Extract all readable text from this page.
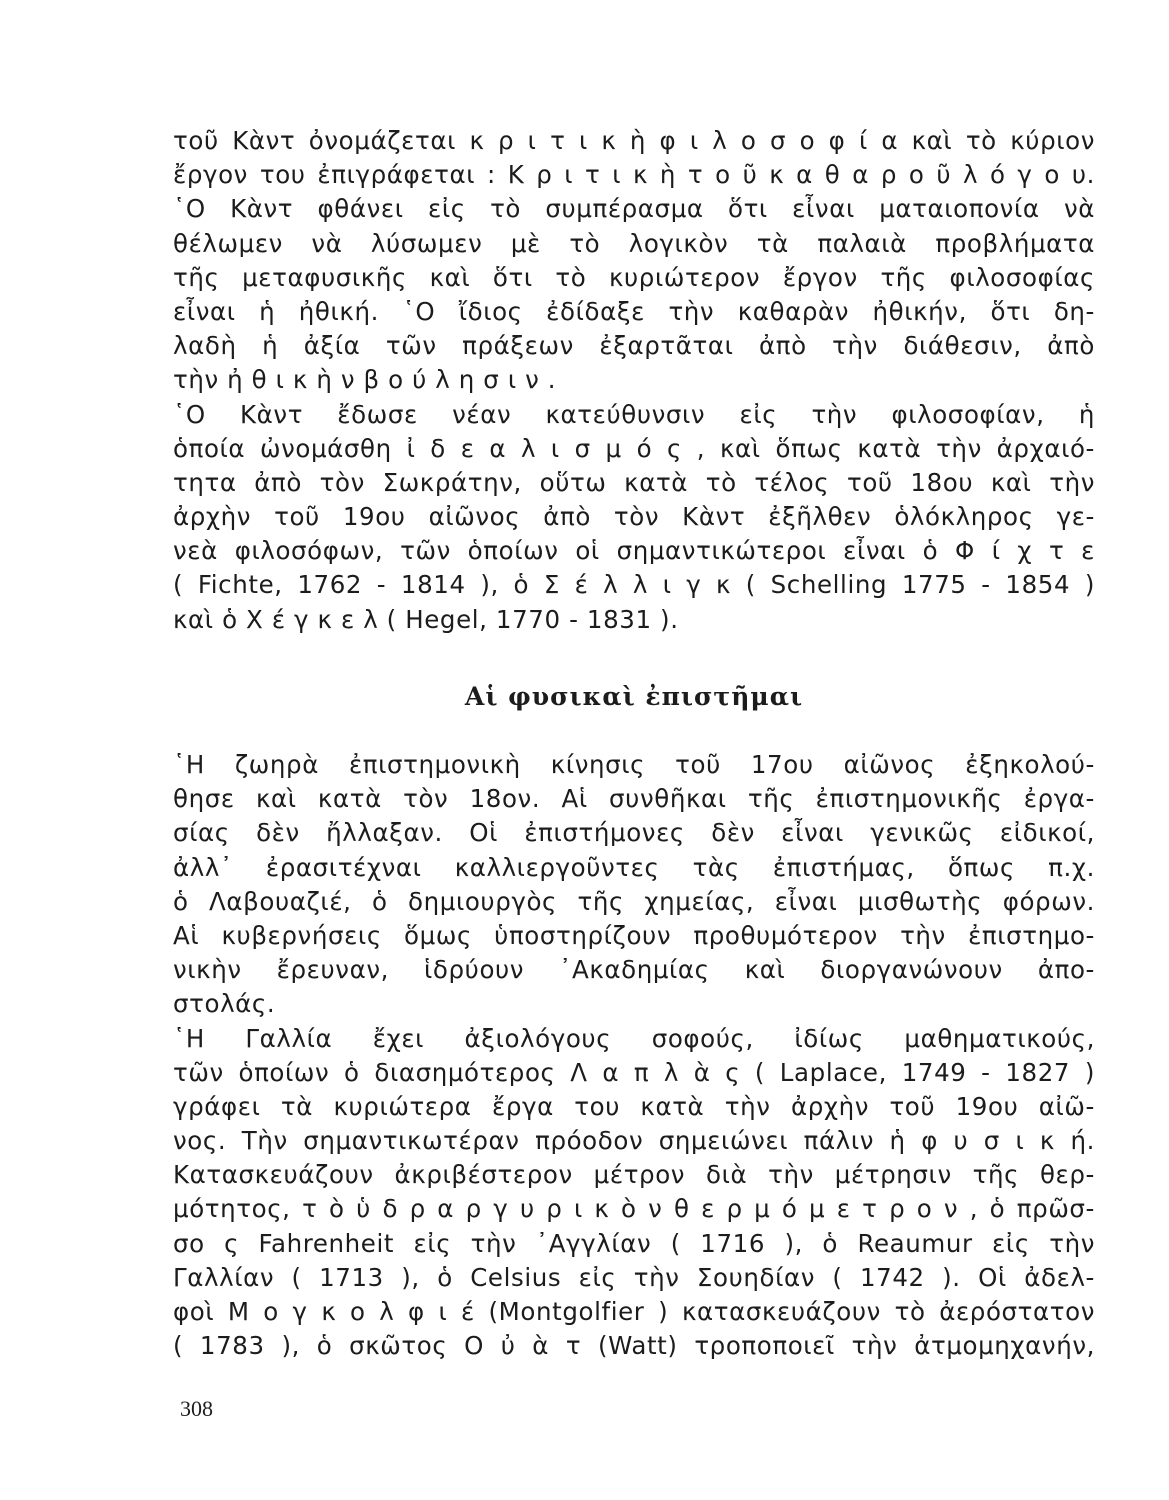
τοῦ Κὰντ ὀνομάζεται κ ρ ι τ ι κ ὴ φ ι λ ο σ ο φ ί α καὶ τὸ κύριον
ἔργον του ἐπιγράφεται : Κ ρ ι τ ι κ ὴ τ ο ῦ κ α θ α ρ ο ῦ λ ό γ ο υ.
῾Ο Κὰντ φθάνει εἰς τὸ συμπέρασμα ὅτι εἶναι ματαιοπονία νὰ
θέλωμεν νὰ λύσωμεν μὲ τὸ λογικὸν τὰ παλαιὰ προβλήματα
τῆς μεταφυσικῆς καὶ ὅτι τὸ κυριώτερον ἔργον τῆς φιλοσοφίας
εἶναι ἡ ἠθική. ῾Ο ἴδιος ἐδίδαξε τὴν καθαρὰν ἠθικήν, ὅτι δη-
λαδὴ ἡ ἀξία τῶν πράξεων ἐξαρτᾶται ἀπὸ τὴν διάθεσιν, ἀπὸ
τὴν ἠ θ ι κ ὴ ν β ο ύ λ η σ ι ν .
῾Ο Κὰντ ἔδωσε νέαν κατεύθυνσιν εἰς τὴν φιλοσοφίαν, ἡ
ὁποία ὠνομάσθη ἰ δ ε α λ ι σ μ ό ς , καὶ ὅπως κατὰ τὴν ἀρχαιό-
τητα ἀπὸ τὸν Σωκράτην, οὕτω κατὰ τὸ τέλος τοῦ 18ου καὶ τὴν
ἀρχὴν τοῦ 19ου αἰῶνος ἀπὸ τὸν Κὰντ ἐξῆλθεν ὁλόκληρος γε-
νεὰ φιλοσόφων, τῶν ὁποίων οἱ σημαντικώτεροι εἶναι ὁ Φ ί χ τ ε
( Fichte, 1762 - 1814 ), ὁ Σ έ λ λ ι γ κ ( Schelling 1775 - 1854 )
καὶ ὁ Χ έ γ κ ε λ ( Hegel, 1770 - 1831 ).
Αἱ φυσικαὶ ἐπιστῆμαι
῾Η ζωηρὰ ἐπιστημονικὴ κίνησις τοῦ 17ου αἰῶνος ἐξηκολού-
θησε καὶ κατὰ τὸν 18ον. Αἱ συνθῆκαι τῆς ἐπιστημονικῆς ἐργα-
σίας δὲν ἤλλαξαν. Οἱ ἐπιστήμονες δὲν εἶναι γενικῶς εἰδικοί,
ἀλλ᾽ ἐρασιτέχναι καλλιεργοῦντες τὰς ἐπιστήμας, ὅπως π.χ.
ὁ Λαβουαζιέ, ὁ δημιουργὸς τῆς χημείας, εἶναι μισθωτὴς φόρων.
Αἱ κυβερνήσεις ὅμως ὑποστηρίζουν προθυμότερον τὴν ἐπιστημο-
νικὴν ἔρευναν, ἱδρύουν ᾽Ακαδημίας καὶ διοργανώνουν ἀπο-
στολάς.
῾Η Γαλλία ἔχει ἀξιολόγους σοφούς, ἰδίως μαθηματικούς,
τῶν ὁποίων ὁ διασημότερος Λ α π λ ὰ ς ( Laplace, 1749 - 1827 )
γράφει τὰ κυριώτερα ἔργα του κατὰ τὴν ἀρχὴν τοῦ 19ου αἰῶ-
νος. Τὴν σημαντικωτέραν πρόοδον σημειώνει πάλιν ἡ φ υ σ ι κ ή.
Κατασκευάζουν ἀκριβέστερον μέτρον διὰ τὴν μέτρησιν τῆς θερ-
μότητος, τ ὸ ὑ δ ρ α ρ γ υ ρ ι κ ὸ ν θ ε ρ μ ό μ ε τ ρ ο ν , ὁ πρῶσ-
σο ς Fahrenheit εἰς τὴν ᾽Αγγλίαν ( 1716 ), ὁ Reaumur εἰς τὴν
Γαλλίαν ( 1713 ), ὁ Celsius εἰς τὴν Σουηδίαν ( 1742 ). Οἱ ἀδελ-
φοὶ Μ ο γ κ ο λ φ ι έ (Montgolfier ) κατασκευάζουν τὸ ἀερόστατον
( 1783 ), ὁ σκῶτος Ο ὐ ὰ τ (Watt) τροποποιεῖ τὴν ἀτμομηχανήν,
308
